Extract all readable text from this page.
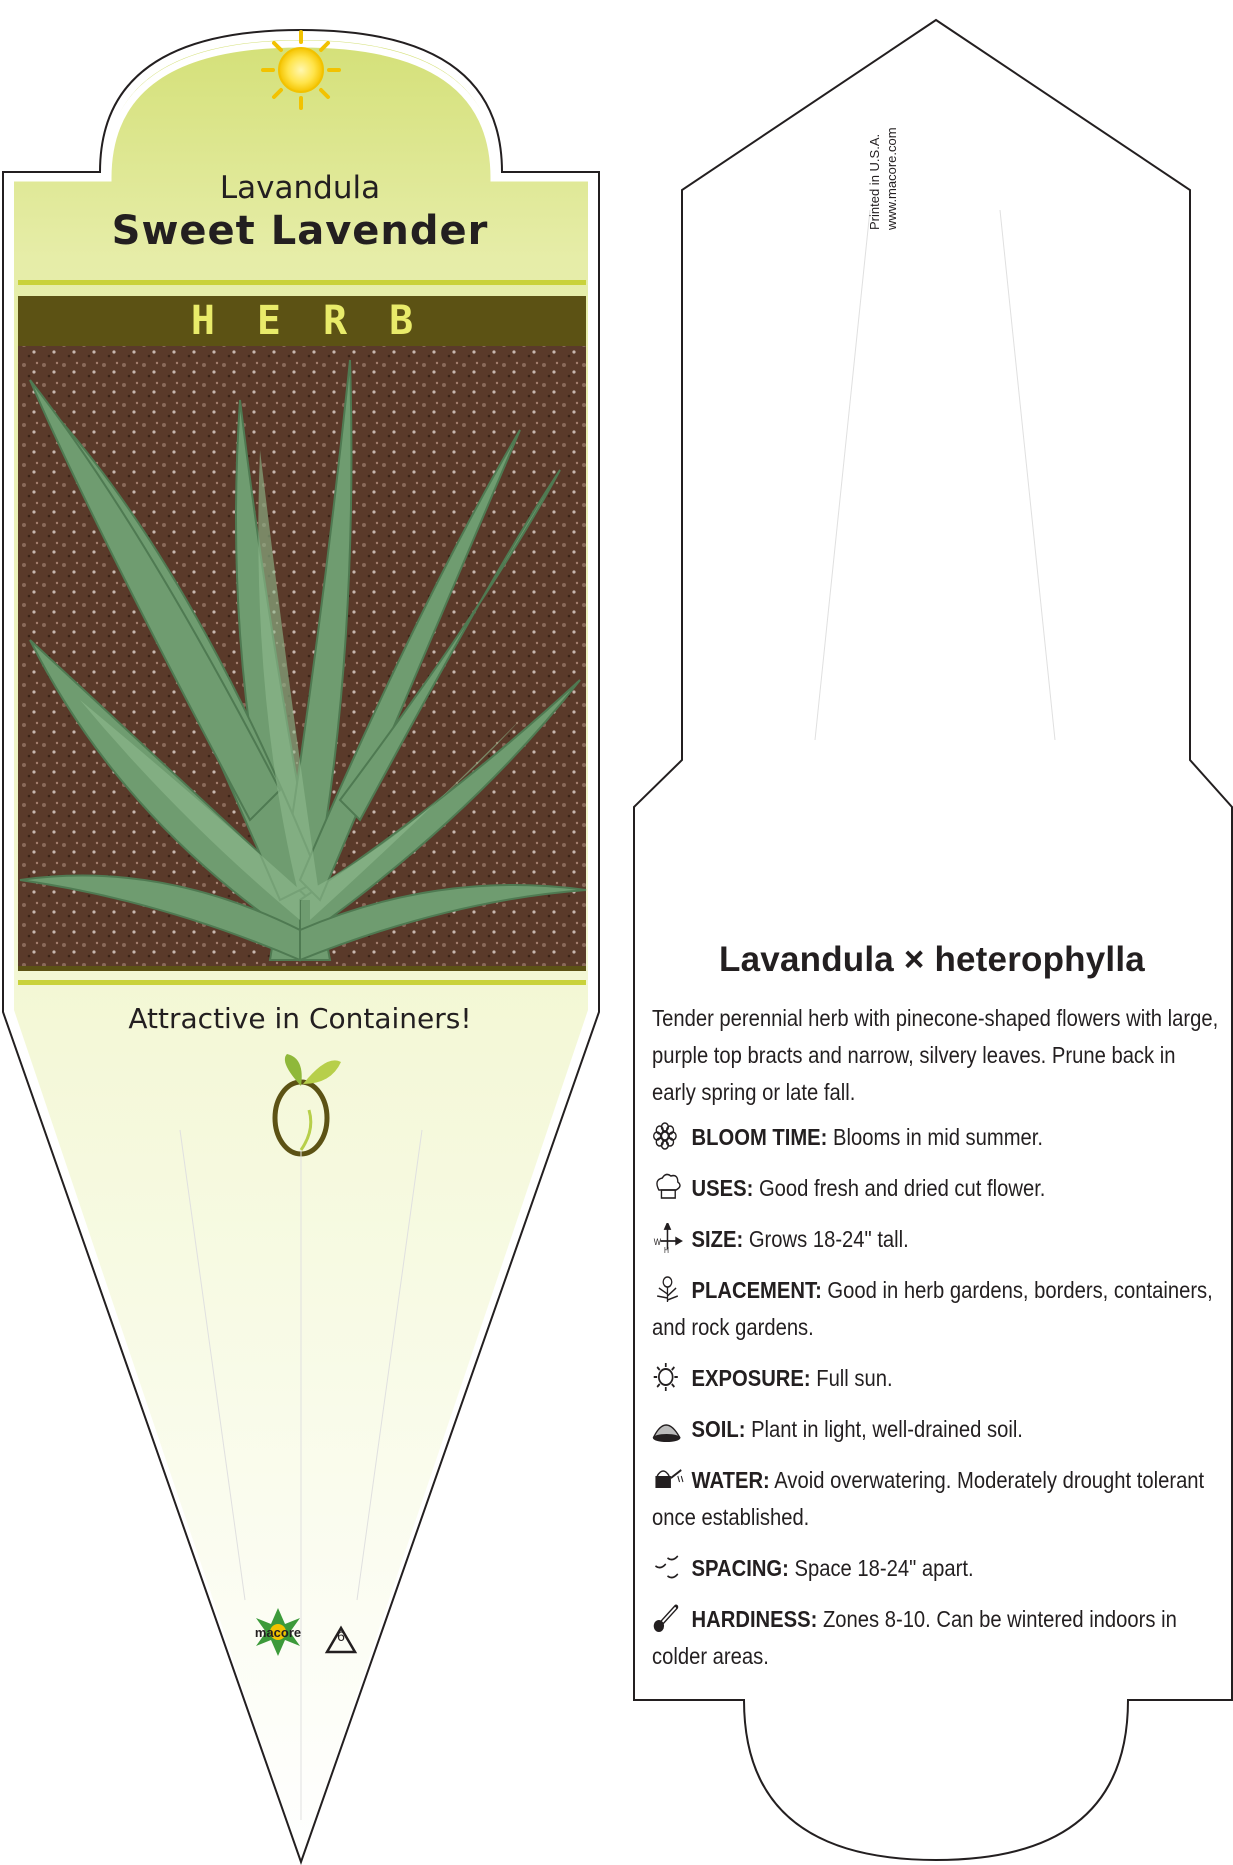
Lavandula
Sweet Lavender
HERB
Attractive in Containers!
macore	6
Printed in U.S.A. www.macore.com
Lavandula × heterophylla
Tender perennial herb with pinecone-shaped flowers with large, purple top bracts and narrow, silvery leaves. Prune back in early spring or late fall.
BLOOM TIME: Blooms in mid summer.
USES: Good fresh and dried cut flower.
W
H SIZE: Grows 18-24" tall.
PLACEMENT: Good in herb gardens, borders, containers, and rock gardens.
EXPOSURE: Full sun.
SOIL: Plant in light, well-drained soil.
WATER: Avoid overwatering. Moderately drought tolerant once established.
SPACING: Space 18-24" apart.
HARDINESS: Zones 8-10. Can be wintered indoors in colder areas.
